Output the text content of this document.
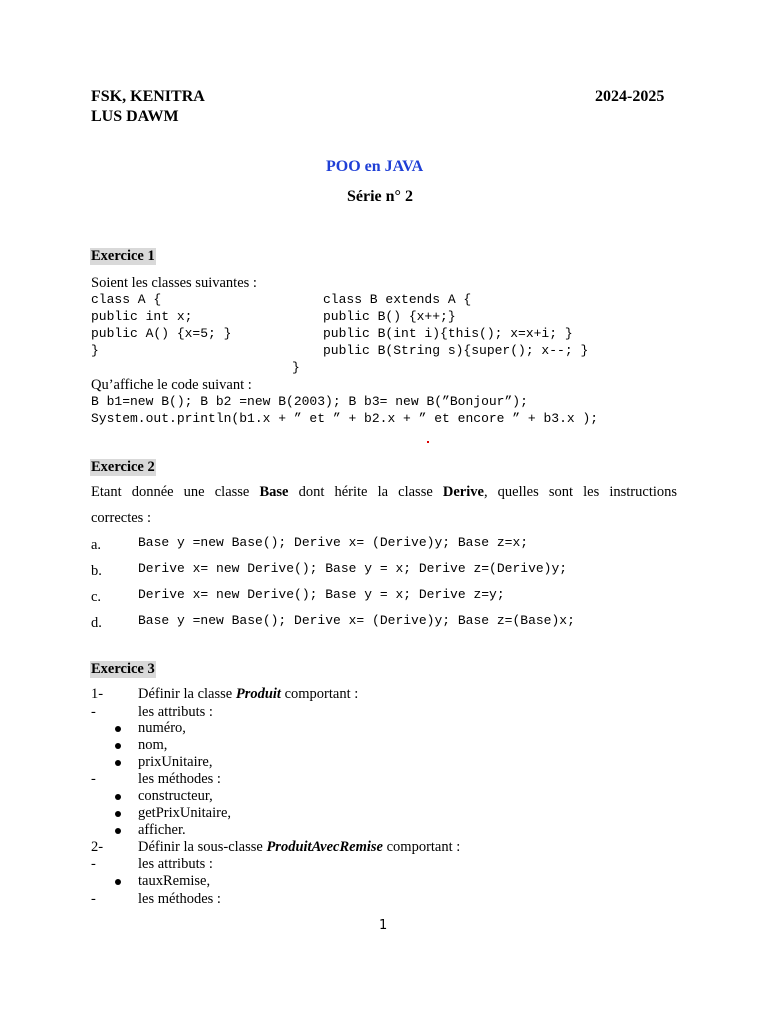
FSK, KENITRA
LUS DAWM
2024-2025
POO en JAVA
Série n° 2
Exercice 1
Soient les classes suivantes :
class A {
public int x;
public A() {x=5; }
}
class B extends A {
public B() {x++;}
public B(int i){this(); x=x+i; }
public B(String s){super(); x--; }
}
Qu’affiche le code suivant :
B b1=new B(); B b2 =new B(2003); B b3= new B(”Bonjour”);
System.out.println(b1.x + ” et ” + b2.x + ” et encore ” + b3.x );
Exercice 2
Etant donnée une classe Base dont hérite la classe Derive, quelles sont les instructions
correctes :
a.	Base y =new Base(); Derive x= (Derive)y; Base z=x;
b.	Derive x= new Derive(); Base y = x; Derive z=(Derive)y;
c.	Derive x= new Derive(); Base y = x; Derive z=y;
d.	Base y =new Base(); Derive x= (Derive)y; Base z=(Base)x;
Exercice 3
1- Définir la classe Produit comportant :
-	les attributs :
numéro,
nom,
prixUnitaire,
-	les méthodes :
constructeur,
getPrixUnitaire,
afficher.
2- Définir la sous-classe ProduitAvecRemise comportant :
-	les attributs :
tauxRemise,
-	les méthodes :
1
